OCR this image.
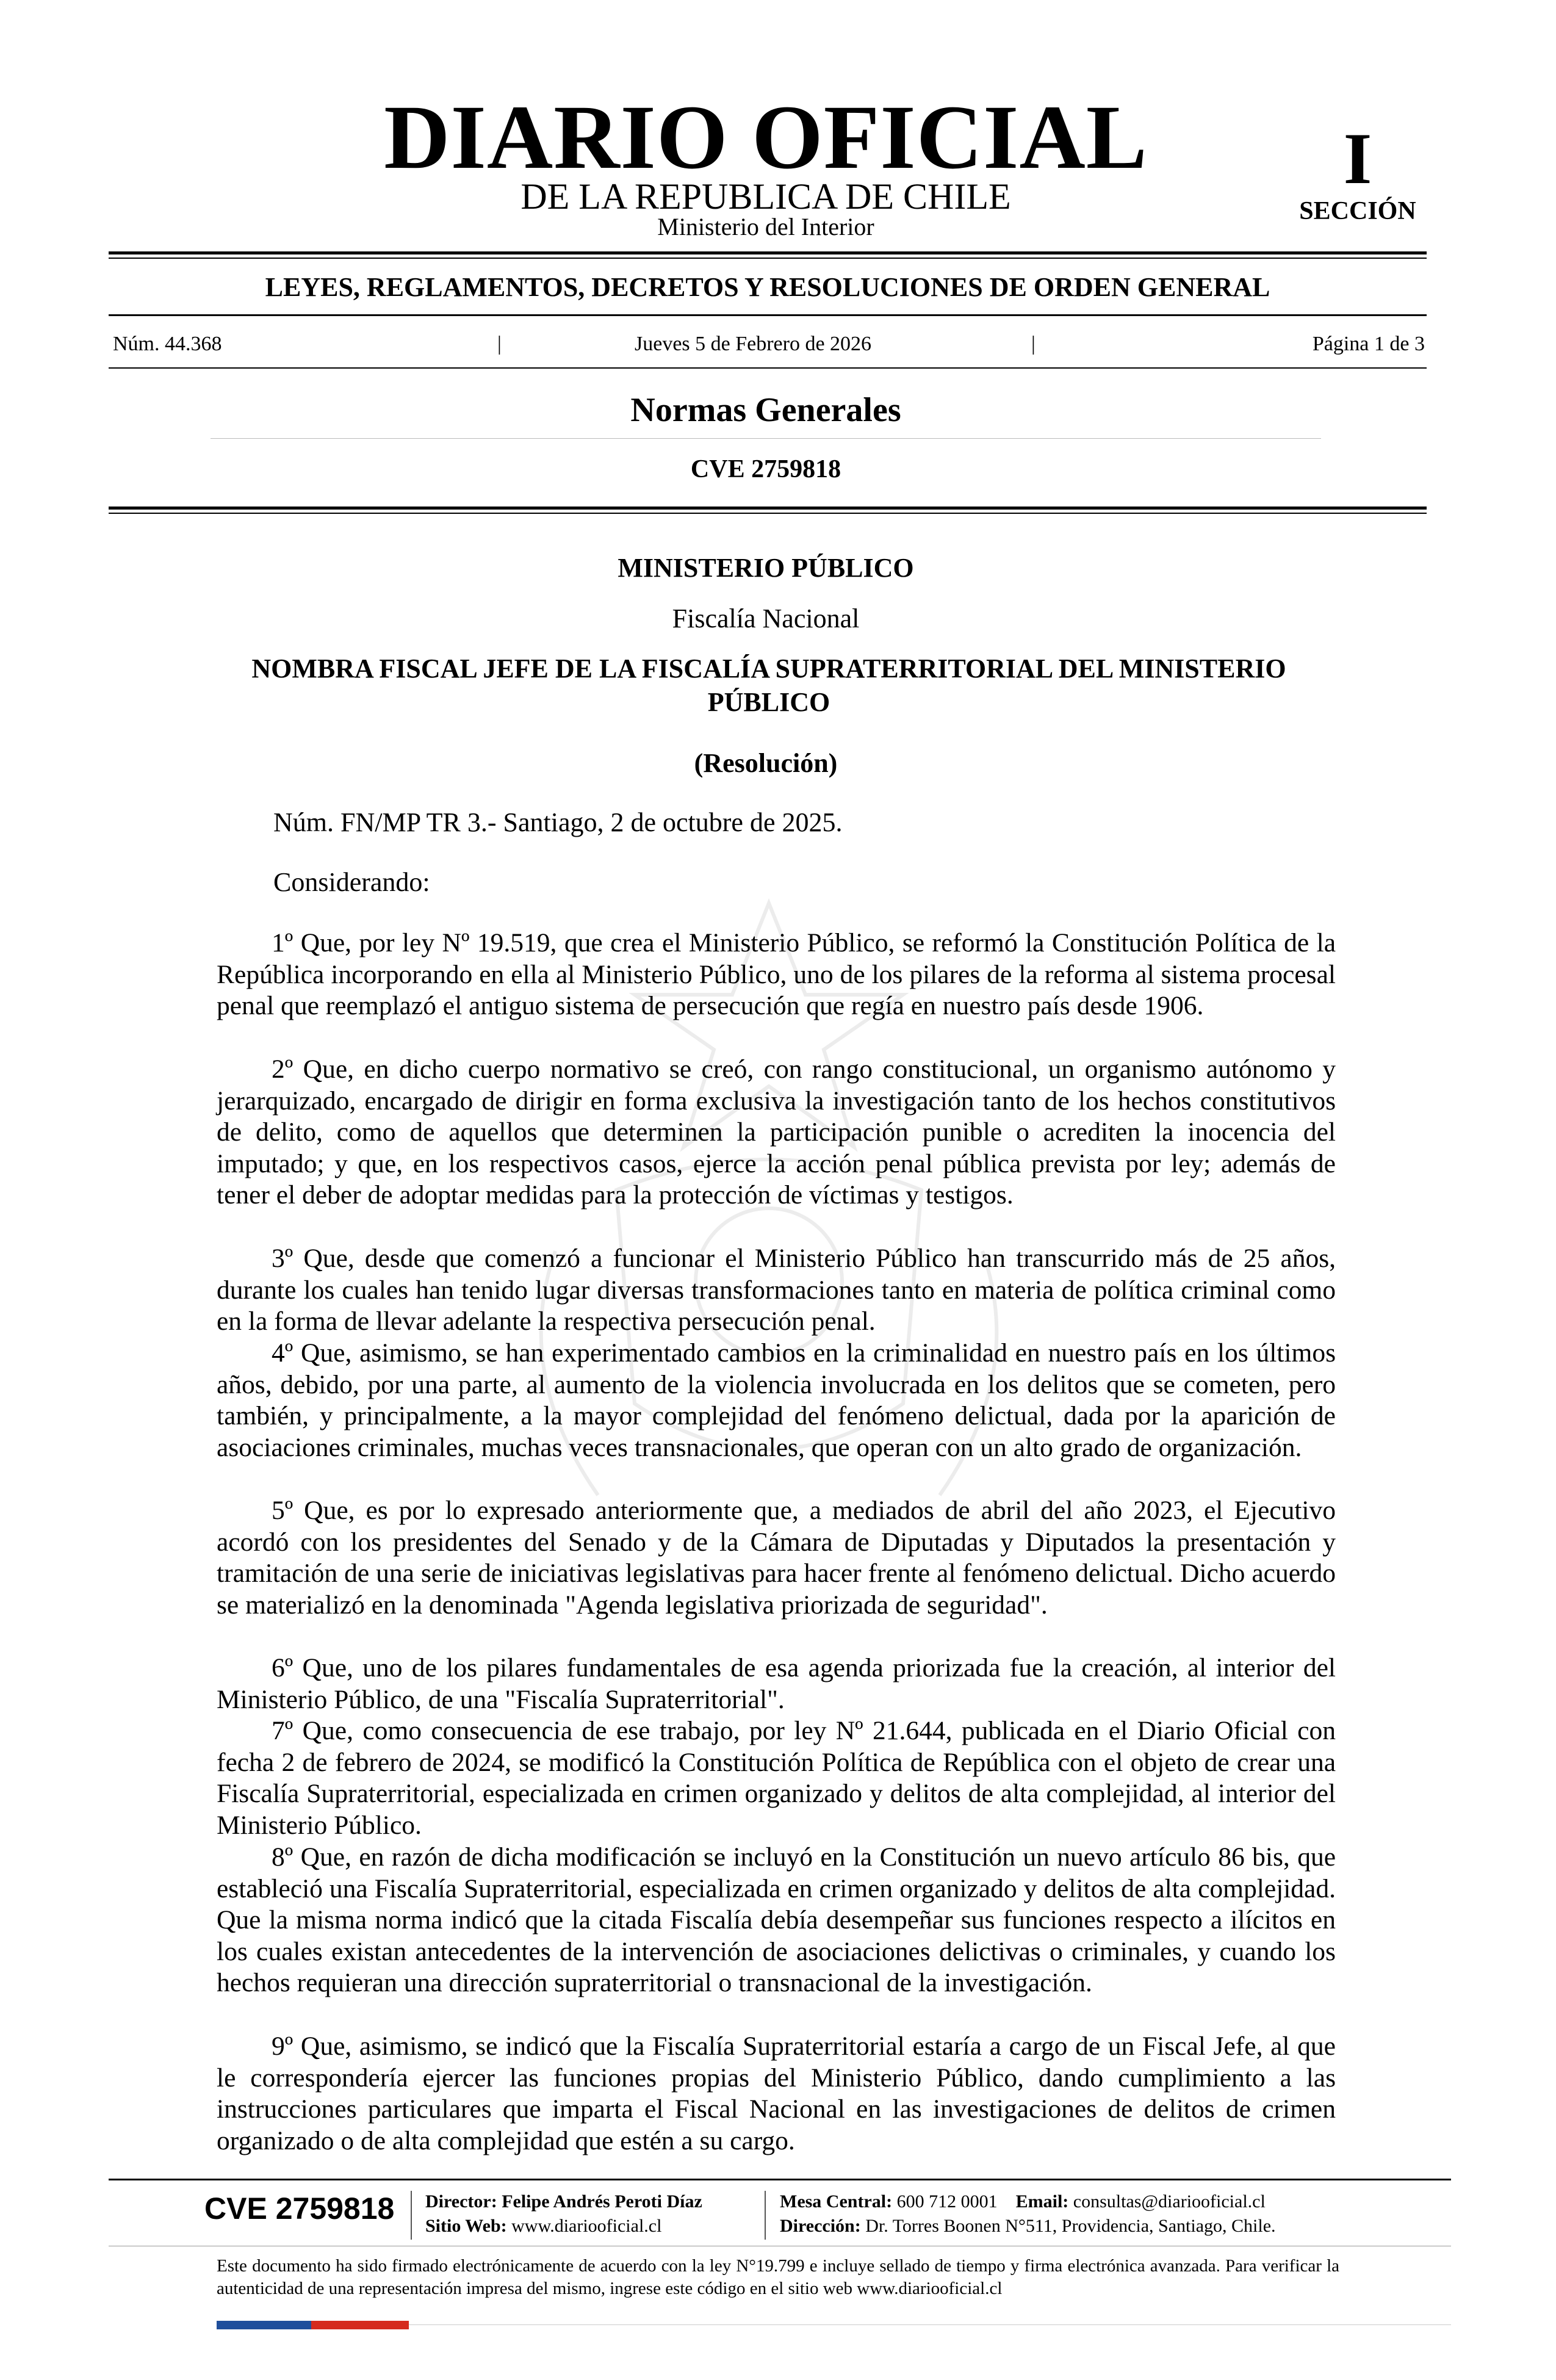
DIARIO OFICIAL
DE LA REPUBLICA DE CHILE
Ministerio del Interior
I
SECCIÓN
LEYES, REGLAMENTOS, DECRETOS Y RESOLUCIONES DE ORDEN GENERAL
Núm. 44.368	|	Jueves 5 de Febrero de 2026	|	Página 1 de 3
Normas Generales
CVE 2759818
MINISTERIO PÚBLICO
Fiscalía Nacional
NOMBRA FISCAL JEFE DE LA FISCALÍA SUPRATERRITORIAL DEL MINISTERIO PÚBLICO
(Resolución)
Núm. FN/MP TR 3.- Santiago, 2 de octubre de 2025.
Considerando:

1º Que, por ley Nº 19.519, que crea el Ministerio Público, se reformó la Constitución Política de la República incorporando en ella al Ministerio Público, uno de los pilares de la reforma al sistema procesal penal que reemplazó el antiguo sistema de persecución que regía en nuestro país desde 1906.

2º Que, en dicho cuerpo normativo se creó, con rango constitucional, un organismo autónomo y jerarquizado, encargado de dirigir en forma exclusiva la investigación tanto de los hechos constitutivos de delito, como de aquellos que determinen la participación punible o acrediten la inocencia del imputado; y que, en los respectivos casos, ejerce la acción penal pública prevista por ley; además de tener el deber de adoptar medidas para la protección de víctimas y testigos.

3º Que, desde que comenzó a funcionar el Ministerio Público han transcurrido más de 25 años, durante los cuales han tenido lugar diversas transformaciones tanto en materia de política criminal como en la forma de llevar adelante la respectiva persecución penal.

4º Que, asimismo, se han experimentado cambios en la criminalidad en nuestro país en los últimos años, debido, por una parte, al aumento de la violencia involucrada en los delitos que se cometen, pero también, y principalmente, a la mayor complejidad del fenómeno delictual, dada por la aparición de asociaciones criminales, muchas veces transnacionales, que operan con un alto grado de organización.

5º Que, es por lo expresado anteriormente que, a mediados de abril del año 2023, el Ejecutivo acordó con los presidentes del Senado y de la Cámara de Diputadas y Diputados la presentación y tramitación de una serie de iniciativas legislativas para hacer frente al fenómeno delictual. Dicho acuerdo se materializó en la denominada "Agenda legislativa priorizada de seguridad".

6º Que, uno de los pilares fundamentales de esa agenda priorizada fue la creación, al interior del Ministerio Público, de una "Fiscalía Supraterritorial".

7º Que, como consecuencia de ese trabajo, por ley Nº 21.644, publicada en el Diario Oficial con fecha 2 de febrero de 2024, se modificó la Constitución Política de República con el objeto de crear una Fiscalía Supraterritorial, especializada en crimen organizado y delitos de alta complejidad, al interior del Ministerio Público.

8º Que, en razón de dicha modificación se incluyó en la Constitución un nuevo artículo 86 bis, que estableció una Fiscalía Supraterritorial, especializada en crimen organizado y delitos de alta complejidad. Que la misma norma indicó que la citada Fiscalía debía desempeñar sus funciones respecto a ilícitos en los cuales existan antecedentes de la intervención de asociaciones delictivas o criminales, y cuando los hechos requieran una dirección supraterritorial o transnacional de la investigación.

9º Que, asimismo, se indicó que la Fiscalía Supraterritorial estaría a cargo de un Fiscal Jefe, al que le correspondería ejercer las funciones propias del Ministerio Público, dando cumplimiento a las instrucciones particulares que imparta el Fiscal Nacional en las investigaciones de delitos de crimen organizado o de alta complejidad que estén a su cargo.

CVE 2759818 Director: Felipe Andrés Peroti Díaz
Sitio Web: www.diariooficial.cl
Mesa Central: 600 712 0001 Email: consultas@diariooficial.cl
Dirección: Dr. Torres Boonen N°511, Providencia, Santiago, Chile.
Este documento ha sido firmado electrónicamente de acuerdo con la ley N°19.799 e incluye sellado de tiempo y firma electrónica avanzada. Para verificar la autenticidad de una representación impresa del mismo, ingrese este código en el sitio web www.diariooficial.cl
